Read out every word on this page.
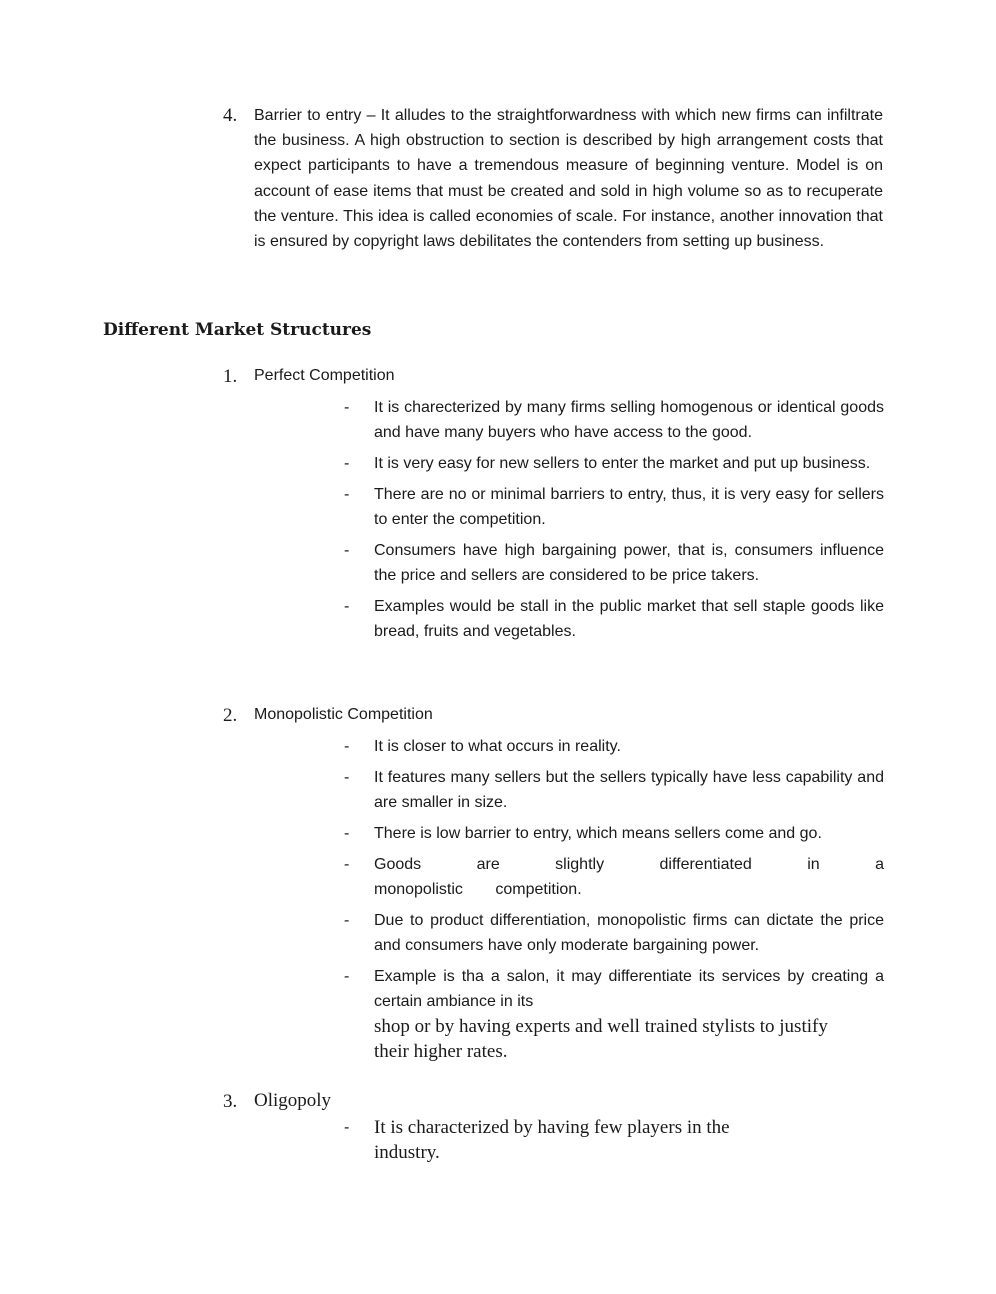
4. Barrier to entry – It alludes to the straightforwardness with which new firms can infiltrate the business. A high obstruction to section is described by high arrangement costs that expect participants to have a tremendous measure of beginning venture. Model is on account of ease items that must be created and sold in high volume so as to recuperate the venture. This idea is called economies of scale. For instance, another innovation that is ensured by copyright laws debilitates the contenders from setting up business.
Different Market Structures
1. Perfect Competition
- It is charecterized by many firms selling homogenous or identical goods and have many buyers who have access to the good.
- It is very easy for new sellers to enter the market and put up business.
- There are no or minimal barriers to entry, thus, it is very easy for sellers to enter the competition.
- Consumers have high bargaining power, that is, consumers influence the price and sellers are considered to be price takers.
- Examples would be stall in the public market that sell staple goods like bread, fruits and vegetables.
2. Monopolistic Competition
- It is closer to what occurs in reality.
- It features many sellers but the sellers typically have less capability and are smaller in size.
- There is low barrier to entry, which means sellers come and go.
- Goods are slightly differentiated in a monopolistic competition.
- Due to product differentiation, monopolistic firms can dictate the price and consumers have only moderate bargaining power.
- Example is tha a salon, it may differentiate its services by creating a certain ambiance in its
shop or by having experts and well trained stylists to justify their higher rates.
3. Oligopoly
- It is characterized by having few players in the industry.
